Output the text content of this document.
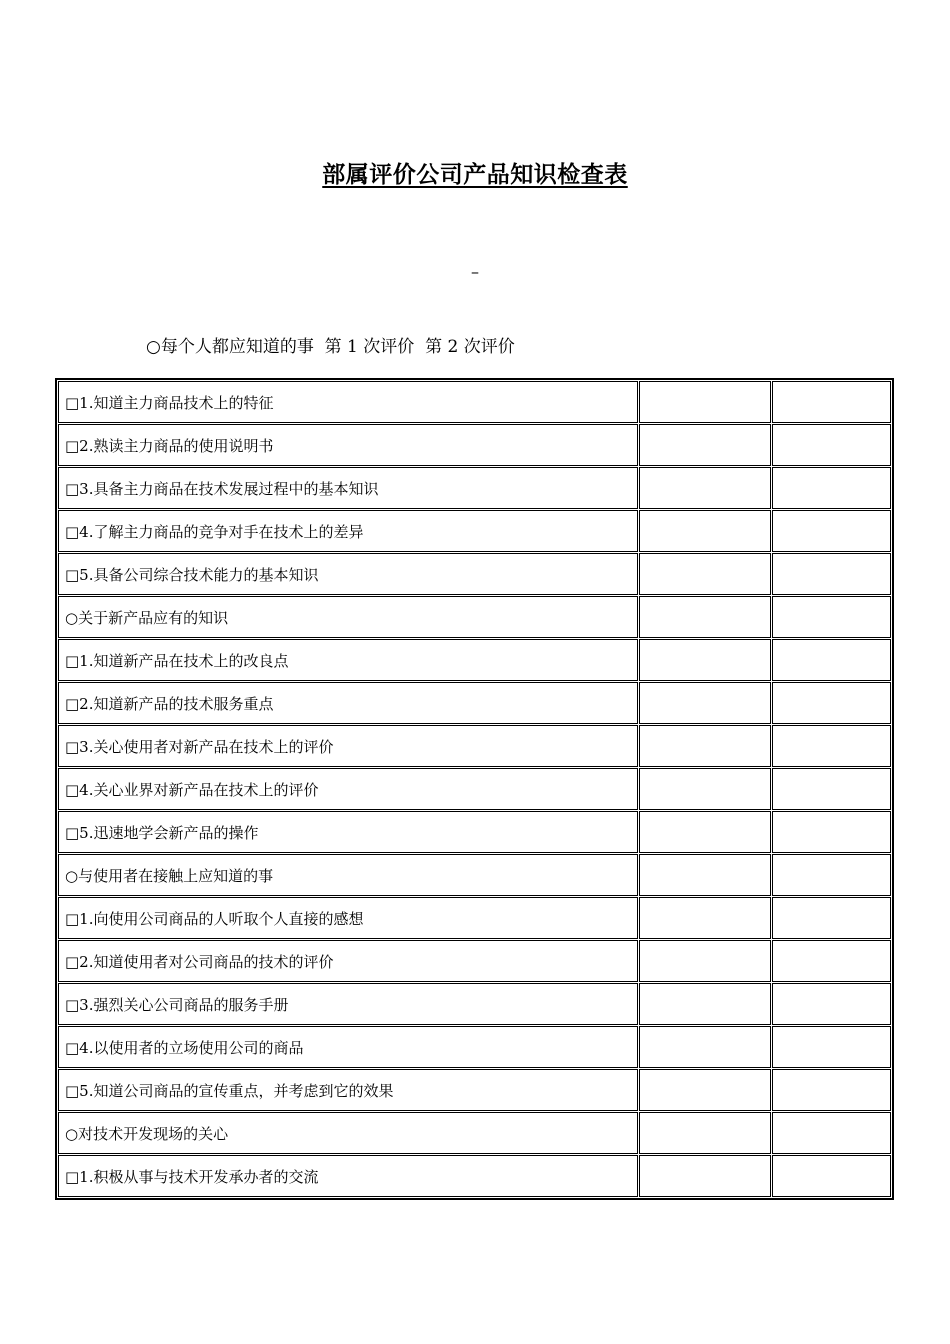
部属评价公司产品知识检查表
–
○每个人都应知道的事  第 1 次评价  第 2 次评价
□1.知道主力商品技术上的特征		
□2.熟读主力商品的使用说明书		
□3.具备主力商品在技术发展过程中的基本知识		
□4.了解主力商品的竞争对手在技术上的差异		
□5.具备公司综合技术能力的基本知识		
○关于新产品应有的知识		
□1.知道新产品在技术上的改良点		
□2.知道新产品的技术服务重点		
□3.关心使用者对新产品在技术上的评价		
□4.关心业界对新产品在技术上的评价		
□5.迅速地学会新产品的操作		
○与使用者在接触上应知道的事		
□1.向使用公司商品的人听取个人直接的感想		
□2.知道使用者对公司商品的技术的评价		
□3.强烈关心公司商品的服务手册		
□4.以使用者的立场使用公司的商品		
□5.知道公司商品的宣传重点，并考虑到它的效果		
○对技术开发现场的关心		
□1.积极从事与技术开发承办者的交流		
